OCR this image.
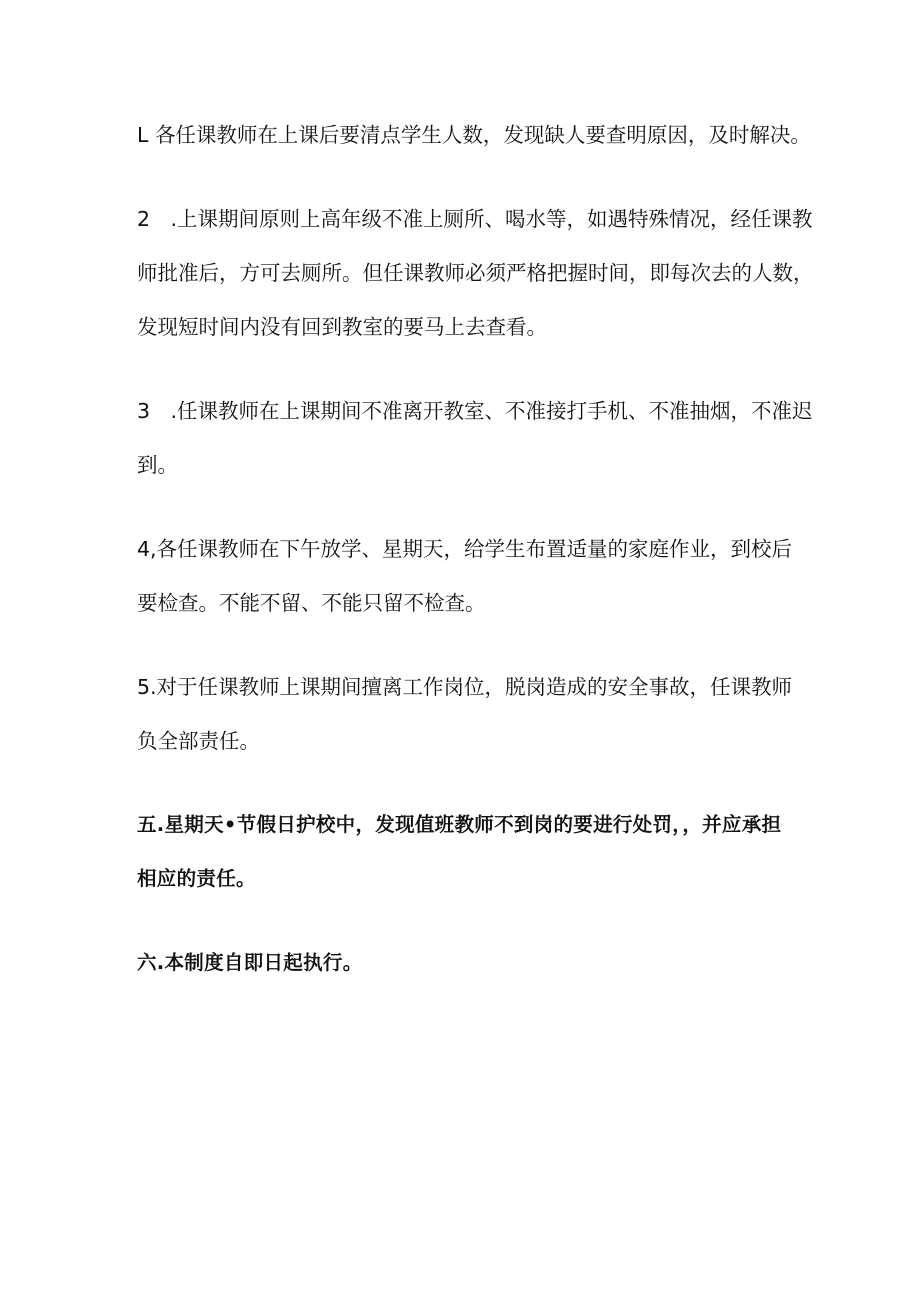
L 各任课教师在上课后要清点学生人数，发现缺人要查明原因，及时解决。

2　.上课期间原则上高年级不准上厕所、喝水等，如遇特殊情况，经任课教
师批准后，方可去厕所。但任课教师必须严格把握时间，即每次去的人数，
发现短时间内没有回到教室的要马上去查看。

3　.任课教师在上课期间不准离开教室、不准接打手机、不准抽烟，不准迟
到。

4,各任课教师在下午放学、星期天，给学生布置适量的家庭作业，到校后
要检查。不能不留、不能只留不检查。

5.对于任课教师上课期间擅离工作岗位，脱岗造成的安全事故，任课教师
负全部责任。

五.星期天•节假日护校中，发现值班教师不到岗的要进行处罚，，并应承担
相应的责任。

六.本制度自即日起执行。
